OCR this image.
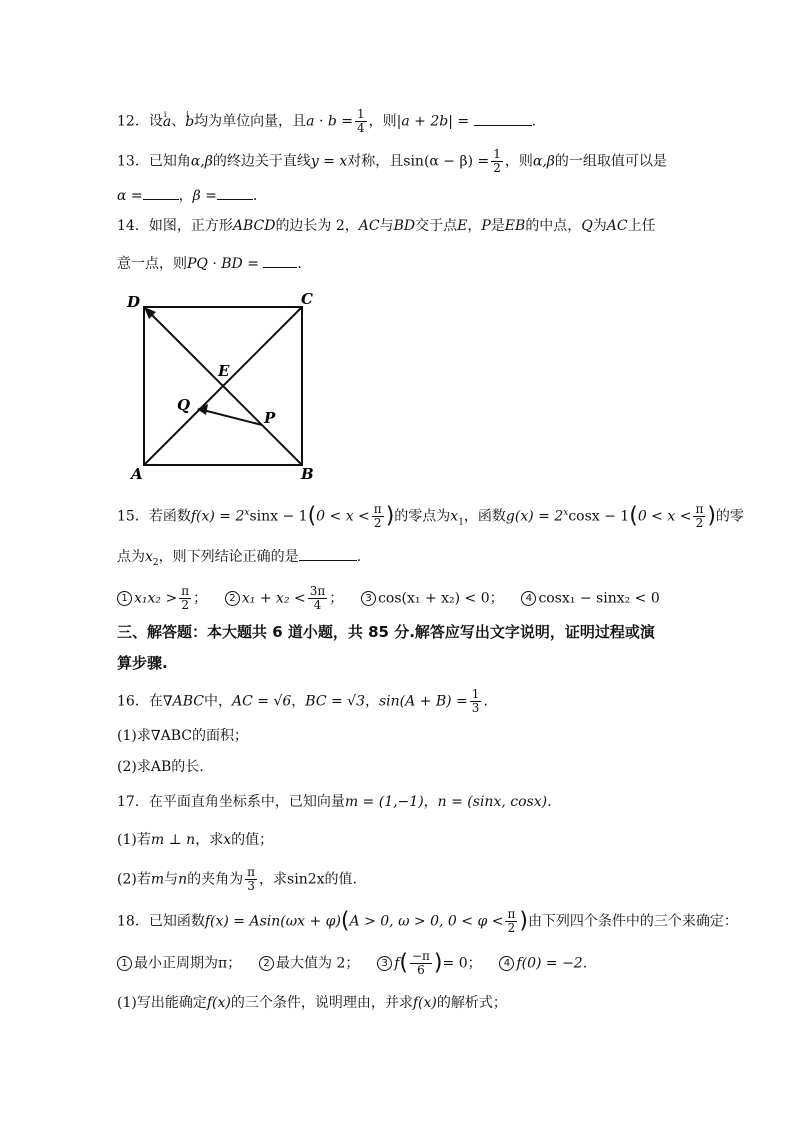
12．设i a、i b均为单位向量，且$a \cdot b = \frac{1}{4}$ ，则|a + 2b| =	.
13．已知角α,β的终边关于直线y = x对称，且$\sin(\alpha - \beta) = \frac{1}{2}$ ，则α,β的一组取值可以是
α =	，β =	.
14．如图，正方形ABCD的边长为 2，AC与BD交于点E，P是EB的中点，Q为AC上任
意一点，则PQ · BD =	.
D	C
E
Q
P
A	B
15．若函数$f(x) = 2^x\sin x - 1(0 < x < \frac{\pi}{2}$ )的零点为$x_1$，函数$g(x) = 2^x\cos x - 1(0 < x < \frac{\pi}{2}$ )的零
点为$x_2$，则下列结论正确的是	.
1 $x_1x_2 > \frac{\pi}{2}$ ； 2 $x_1 + x_2 < \frac{3\pi}{4}$ ； 3 cos(x₁ + x₂) < 0； 4 cosx₁ − sinx₂ < 0
三、解答题：本大题共 6 道小题，共 85 分.解答应写出文字说明，证明过程或演
算步骤.
16．在∇ABC中，AC = √6，BC = √3，$\sin(A + B) = \frac{1}{3}$ .
(1)求∇ABC的面积；
(2)求AB的长.
17．在平面直角坐标系中，已知向量m = (1,−1)，n = (sinx, cosx).
(1)若m ⊥ n，求x的值；
(2)若m与n的夹角为 $\frac{\pi}{3}$ ，求sin2x的值.
18．已知函数f(x) = Asin(ωx + φ)(A > 0, ω > 0, $0 < \varphi < \frac{\pi}{2}$ )由下列四个条件中的三个来确定：
1 最小正周期为π； 2 最大值为 2； 3 $f( \frac{-\pi}{6}$ )= 0； 4 f(0) = −2.
(1)写出能确定f(x)的三个条件，说明理由，并求f(x)的解析式；
